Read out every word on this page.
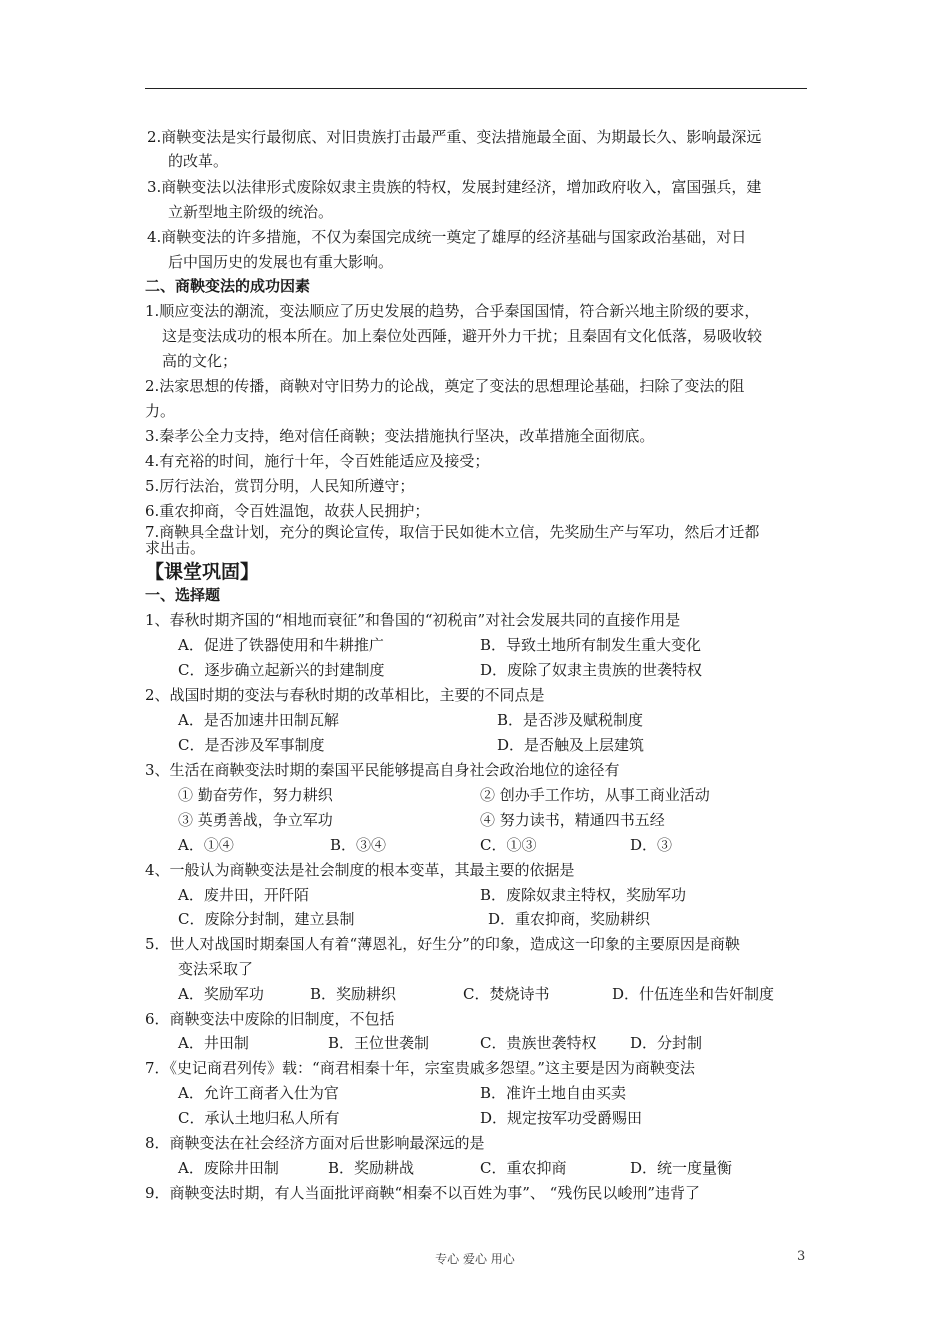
2.商鞅变法是实行最彻底、对旧贵族打击最严重、变法措施最全面、为期最长久、影响最深远
的改革。
3.商鞅变法以法律形式废除奴隶主贵族的特权，发展封建经济，增加政府收入，富国强兵，建
立新型地主阶级的统治。
4.商鞅变法的许多措施，不仅为秦国完成统一奠定了雄厚的经济基础与国家政治基础，对日
后中国历史的发展也有重大影响。
二、商鞅变法的成功因素
1.顺应变法的潮流，变法顺应了历史发展的趋势，合乎秦国国情，符合新兴地主阶级的要求，
这是变法成功的根本所在。加上秦位处西陲，避开外力干扰；且秦固有文化低落，易吸收较
高的文化；
2.法家思想的传播，商鞅对守旧势力的论战，奠定了变法的思想理论基础，扫除了变法的阻
力。
3.秦孝公全力支持，绝对信任商鞅；变法措施执行坚决，改革措施全面彻底。
4.有充裕的时间，施行十年，令百姓能适应及接受；
5.厉行法治，赏罚分明，人民知所遵守；
6.重农抑商，令百姓温饱，故获人民拥护；
7.商鞅具全盘计划，充分的舆论宣传，取信于民如徙木立信，先奖励生产与军功，然后才迁都
求出击。
【课堂巩固】
一、选择题
1、春秋时期齐国的“相地而衰征”和鲁国的“初税亩”对社会发展共同的直接作用是
A．促进了铁器使用和牛耕推广	B．导致土地所有制发生重大变化
C．逐步确立起新兴的封建制度	D．废除了奴隶主贵族的世袭特权
2、战国时期的变法与春秋时期的改革相比，主要的不同点是
A．是否加速井田制瓦解	B．是否涉及赋税制度
C．是否涉及军事制度	D．是否触及上层建筑
3、生活在商鞅变法时期的秦国平民能够提高自身社会政治地位的途径有
① 勤奋劳作，努力耕织	② 创办手工作坊，从事工商业活动
③ 英勇善战，争立军功	④ 努力读书，精通四书五经
A．①④	B．③④	C．①③	D．③
4、一般认为商鞅变法是社会制度的根本变革，其最主要的依据是
A．废井田，开阡陌	B．废除奴隶主特权，奖励军功
C．废除分封制，建立县制	D．重农抑商，奖励耕织
5．世人对战国时期秦国人有着“薄恩礼，好生分”的印象，造成这一印象的主要原因是商鞅
变法采取了
A．奖励军功	B．奖励耕织	C．焚烧诗书	D．什伍连坐和告奸制度
6．商鞅变法中废除的旧制度，不包括
A．井田制	B．王位世袭制	C．贵族世袭特权 D．分封制
7．《史记商君列传》载：“商君相秦十年，宗室贵戚多怨望。”这主要是因为商鞅变法
A．允许工商者入仕为官	B．准许土地自由买卖
C．承认土地归私人所有	D．规定按军功受爵赐田
8．商鞅变法在社会经济方面对后世影响最深远的是
A．废除井田制	B．奖励耕战	C．重农抑商	D．统一度量衡
9．商鞅变法时期，有人当面批评商鞅“相秦不以百姓为事”、 “残伤民以峻刑”违背了
专心 爱心 用心	3
